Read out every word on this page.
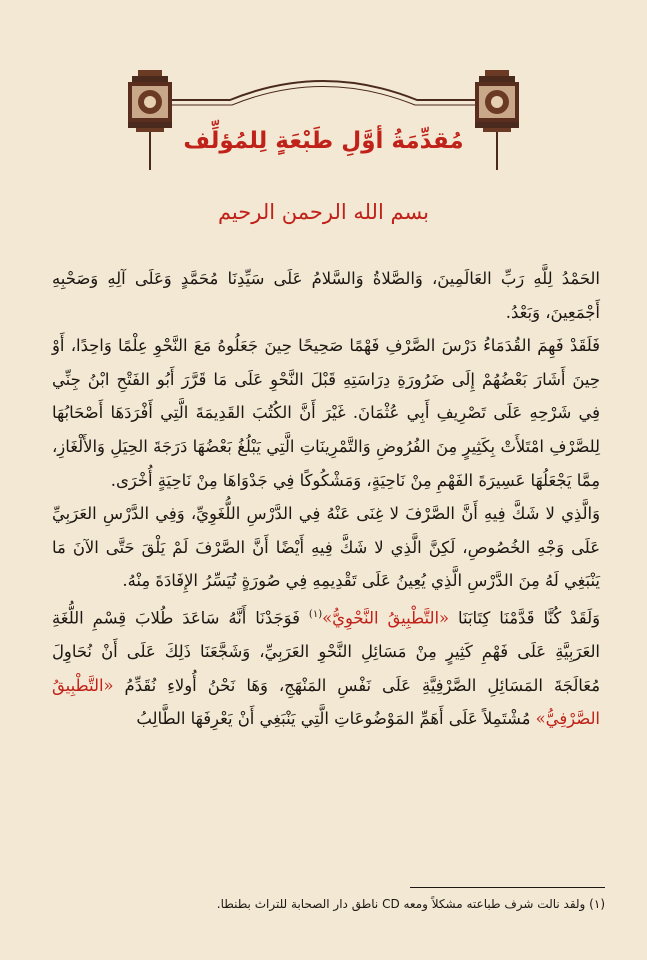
مُقدِّمَةُ أوَّلِ طَبْعَةٍ لِلمُؤلِّف
بسم الله الرحمن الرحيم

الحَمْدُ لِلَّهِ رَبِّ العَالَمِينَ، وَالصَّلاةُ وَالسَّلامُ عَلَى سَيِّدِنَا مُحَمَّدٍ وَعَلَى آلِهِ وَصَحْبِهِ أَجْمَعِينَ، وَبَعْدُ.

فَلَقَدْ فَهِمَ القُدَمَاءُ دَرْسَ الصَّرْفِ فَهْمًا صَحِيحًا حِينَ جَعَلُوهُ مَعَ النَّحْوِ عِلْمًا وَاحِدًا، أَوْ حِينَ أَشَارَ بَعْضُهُمْ إِلَى ضَرُورَةِ دِرَاسَتِهِ قَبْلَ النَّحْوِ عَلَى مَا قَرَّرَ أَبُو الفَتْحِ ابْنُ جِنِّي فِي شَرْحِهِ عَلَى تَصْرِيفِ أَبِي عُثْمَانَ. غَيْرَ أَنَّ الكُتُبَ القَدِيمَةَ الَّتِي أَفْرَدَهَا أَصْحَابُهَا لِلصَّرْفِ امْتَلأَتْ بِكَثِيرٍ مِنَ الفُرُوضِ وَالتَّمْرِينَاتِ الَّتِي يَبْلُغُ بَعْضُهَا دَرَجَةَ الحِيَلِ وَالأَلْغَازِ، مِمَّا يَجْعَلُهَا عَسِيرَةَ الفَهْمِ مِنْ نَاحِيَةٍ، وَمَشْكُوكًا فِي جَدْوَاهَا مِنْ نَاحِيَةٍ أُخْرَى.

وَالَّذِي لا شَكَّ فِيهِ أَنَّ الصَّرْفَ لا غِنَى عَنْهُ فِي الدَّرْسِ اللُّغَوِيِّ، وَفِي الدَّرْسِ العَرَبِيِّ عَلَى وَجْهِ الخُصُوصِ، لَكِنَّ الَّذِي لا شَكَّ فِيهِ أَيْضًا أَنَّ الصَّرْفَ لَمْ يَلْقَ حَتَّى الآنَ مَا يَنْبَغِي لَهُ مِنَ الدَّرْسِ الَّذِي يُعِينُ عَلَى تَقْدِيمِهِ فِي صُورَةٍ تُيَسِّرُ الإِفَادَةَ مِنْهُ.

وَلَقَدْ كُنَّا قَدَّمْنَا كِتَابَنَا «التَّطْبِيقُ النَّحْوِيُّ»$^{(١)}$ فَوَجَدْنَا أَنَّهُ سَاعَدَ طُلابَ قِسْمِ اللُّغَةِ العَرَبِيَّةِ عَلَى فَهْمِ كَثِيرٍ مِنْ مَسَائِلِ النَّحْوِ العَرَبِيِّ، وَشَجَّعَنَا ذَلِكَ عَلَى أَنْ نُحَاوِلَ مُعَالَجَةَ المَسَائِلِ الصَّرْفِيَّةِ عَلَى نَفْسِ المَنْهَجِ، وَهَا نَحْنُ أُولاءِ نُقَدِّمُ «التَّطْبِيقُ الصَّرْفِيُّ» مُشْتَمِلاً عَلَى أَهَمِّ المَوْضُوعَاتِ الَّتِي يَنْبَغِي أَنْ يَعْرِفَهَا الطَّالِبُ

(١) ولقد نالت شرف طباعته مشكلاً ومعه CD ناطق دار الصحابة للتراث بطنطا.
